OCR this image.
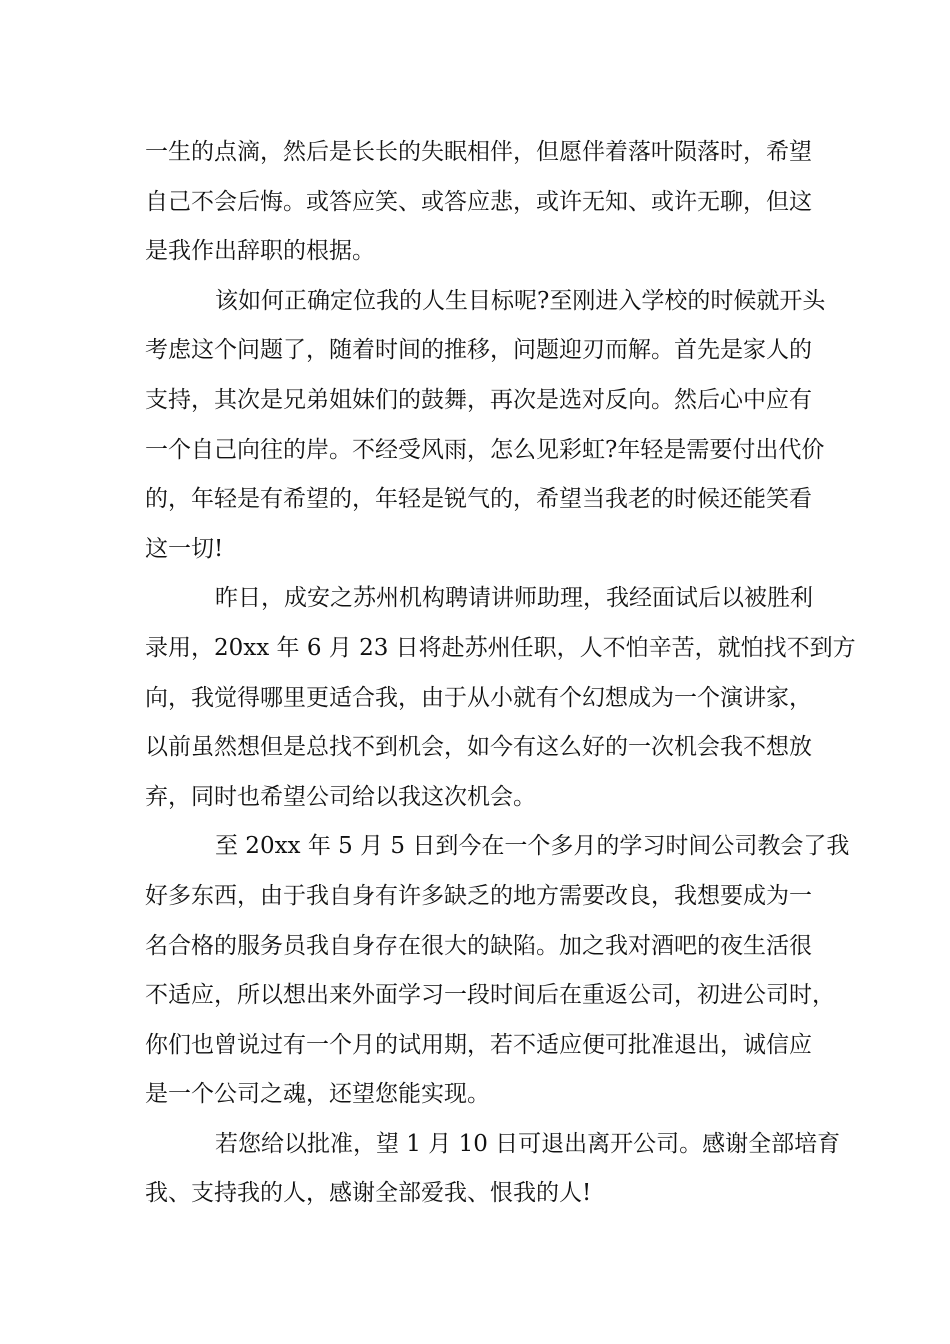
一生的点滴，然后是长长的失眠相伴，但愿伴着落叶陨落时，希望
自己不会后悔。或答应笑、或答应悲，或许无知、或许无聊，但这
是我作出辞职的根据。
该如何正确定位我的人生目标呢?至刚进入学校的时候就开头
考虑这个问题了，随着时间的推移，问题迎刃而解。首先是家人的
支持，其次是兄弟姐妹们的鼓舞，再次是选对反向。然后心中应有
一个自己向往的岸。不经受风雨，怎么见彩虹?年轻是需要付出代价
的，年轻是有希望的，年轻是锐气的，希望当我老的时候还能笑看
这一切!
昨日，成安之苏州机构聘请讲师助理，我经面试后以被胜利
录用，20xx 年 6 月 23 日将赴苏州任职，人不怕辛苦，就怕找不到方
向，我觉得哪里更适合我，由于从小就有个幻想成为一个演讲家，
以前虽然想但是总找不到机会，如今有这么好的一次机会我不想放
弃，同时也希望公司给以我这次机会。
至 20xx 年 5 月 5 日到今在一个多月的学习时间公司教会了我
好多东西，由于我自身有许多缺乏的地方需要改良，我想要成为一
名合格的服务员我自身存在很大的缺陷。加之我对酒吧的夜生活很
不适应，所以想出来外面学习一段时间后在重返公司，初进公司时，
你们也曾说过有一个月的试用期，若不适应便可批准退出，诚信应
是一个公司之魂，还望您能实现。
若您给以批准，望 1 月 10 日可退出离开公司。感谢全部培育
我、支持我的人，感谢全部爱我、恨我的人!
